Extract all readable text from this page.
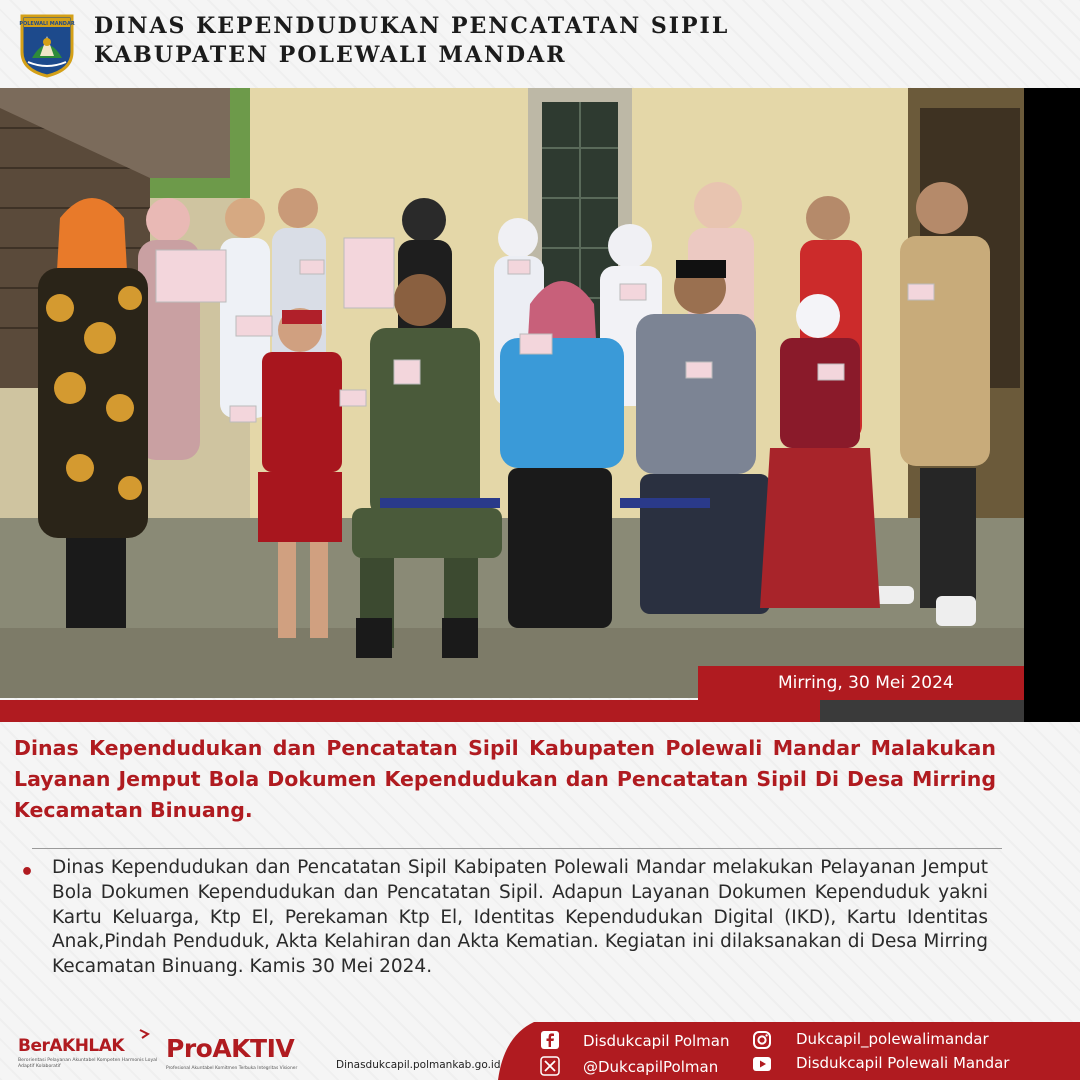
POLEWALI MANDAR DINAS KEPENDUDUKAN PENCATATAN SIPIL
KABUPATEN POLEWALI MANDAR
Mirring, 30 Mei 2024
Dinas Kependudukan dan Pencatatan Sipil Kabupaten Polewali Mandar Malakukan Layanan Jemput Bola Dokumen Kependudukan dan Pencatatan Sipil Di Desa Mirring Kecamatan Binuang.
• Dinas Kependudukan dan Pencatatan Sipil Kabipaten Polewali Mandar melakukan Pelayanan Jemput Bola Dokumen Kependudukan dan Pencatatan Sipil. Adapun Layanan Dokumen Kependuduk yakni Kartu Keluarga, Ktp El, Perekaman Ktp El, Identitas Kependudukan Digital (IKD), Kartu Identitas Anak,Pindah Penduduk, Akta Kelahiran dan Akta Kematian. Kegiatan ini dilaksanakan di Desa Mirring Kecamatan Binuang. Kamis 30 Mei 2024.
BerAKHLAK
Berorientasi Pelayanan Akuntabel Kompeten Harmonis Loyal Adaptif Kolaboratif
ProAKTIV
Profesional Akuntabel Komitmen Terbuka Integritas Visioner	Dinasdukcapil.polmankab.go.id
Disdukcapil Polman
@DukcapilPolman
Dukcapil_polewalimandar
Disdukcapil Polewali Mandar
